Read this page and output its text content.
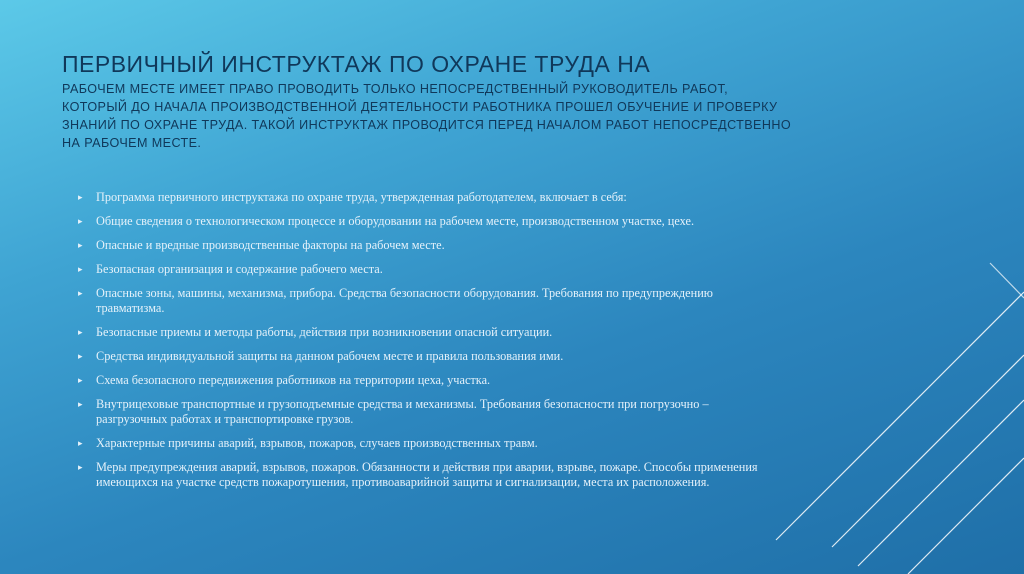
ПЕРВИЧНЫЙ ИНСТРУКТАЖ ПО ОХРАНЕ ТРУДА НА

РАБОЧЕМ МЕСТЕ ИМЕЕТ ПРАВО ПРОВОДИТЬ ТОЛЬКО НЕПОСРЕДСТВЕННЫЙ РУКОВОДИТЕЛЬ РАБОТ, КОТОРЫЙ ДО НАЧАЛА ПРОИЗВОДСТВЕННОЙ ДЕЯТЕЛЬНОСТИ РАБОТНИКА ПРОШЕЛ ОБУЧЕНИЕ И ПРОВЕРКУ ЗНАНИЙ ПО ОХРАНЕ ТРУДА. ТАКОЙ ИНСТРУКТАЖ ПРОВОДИТСЯ ПЕРЕД НАЧАЛОМ РАБОТ НЕПОСРЕДСТВЕННО НА РАБОЧЕМ МЕСТЕ.

▸ Программа первичного инструктажа по охране труда, утвержденная работодателем, включает в себя:
▸ Общие сведения о технологическом процессе и оборудовании на рабочем месте, производственном участке, цехе.
▸ Опасные и вредные производственные факторы на рабочем месте.
▸ Безопасная организация и содержание рабочего места.
▸ Опасные зоны, машины, механизма, прибора. Средства безопасности оборудования. Требования по предупреждению травматизма.
▸ Безопасные приемы и методы работы, действия при возникновении опасной ситуации.
▸ Средства индивидуальной защиты на данном рабочем месте и правила пользования ими.
▸ Схема безопасного передвижения работников на территории цеха, участка.
▸ Внутрицеховые транспортные и грузоподъемные средства и механизмы. Требования безопасности при погрузочно – разгрузочных работах и транспортировке грузов.
▸ Характерные причины аварий, взрывов, пожаров, случаев производственных травм.
▸ Меры предупреждения аварий, взрывов, пожаров. Обязанности и действия при аварии, взрыве, пожаре. Способы применения имеющихся на участке средств пожаротушения, противоаварийной защиты и сигнализации, места их расположения.
